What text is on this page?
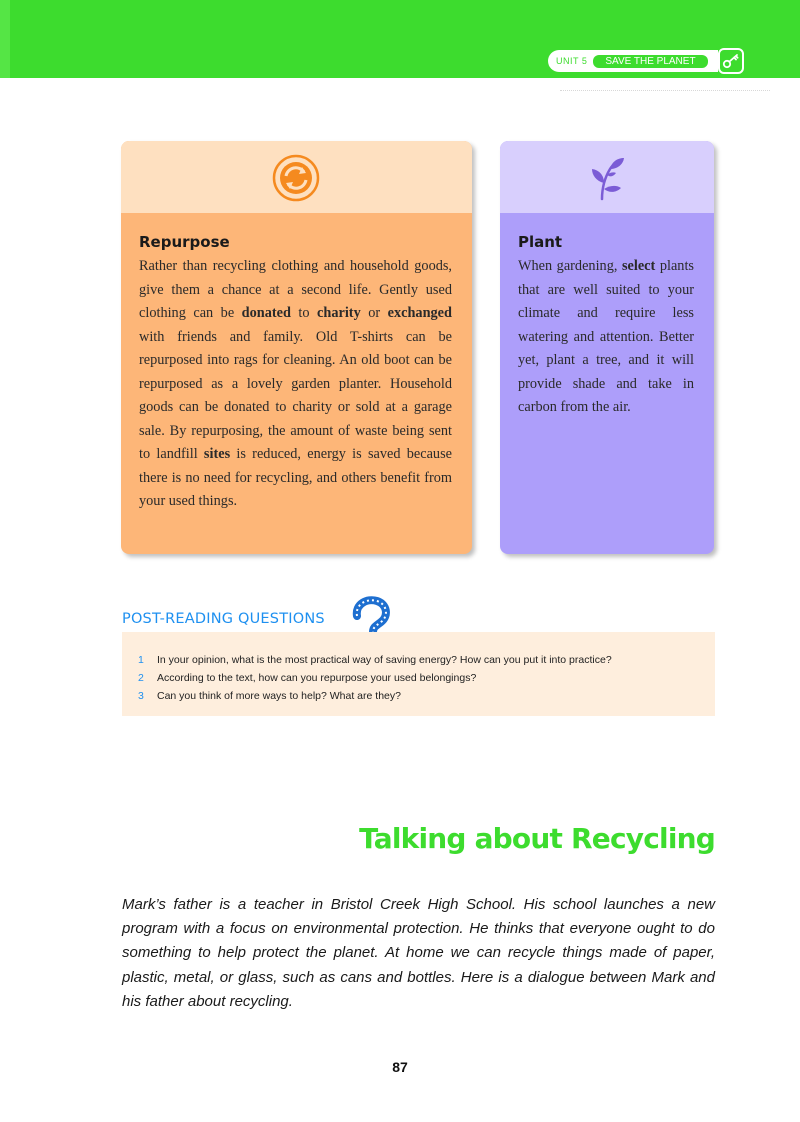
UNIT 5	SAVE THE PLANET
Repurpose

Rather than recycling clothing and household goods, give them a chance at a second life. Gently used clothing can be donated to charity or exchanged with friends and family. Old T-shirts can be repurposed into rags for cleaning. An old boot can be repurposed as a lovely garden planter. Household goods can be donated to charity or sold at a garage sale. By repurposing, the amount of waste being sent to landfill sites is reduced, energy is saved because there is no need for recycling, and others benefit from your used things.

Plant

When gardening, select plants that are well suited to your climate and require less watering and attention. Better yet, plant a tree, and it will provide shade and take in carbon from the air.

POST-READING QUESTIONS
1	In your opinion, what is the most practical way of saving energy? How can you put it into practice?
2	According to the text, how can you repurpose your used belongings?
3	Can you think of more ways to help? What are they?
Talking about Recycling

Mark’s father is a teacher in Bristol Creek High School. His school launches a new program with a focus on environmental protection. He thinks that everyone ought to do something to help protect the planet. At home we can recycle things made of paper, plastic, metal, or glass, such as cans and bottles. Here is a dialogue between Mark and his father about recycling.

87
